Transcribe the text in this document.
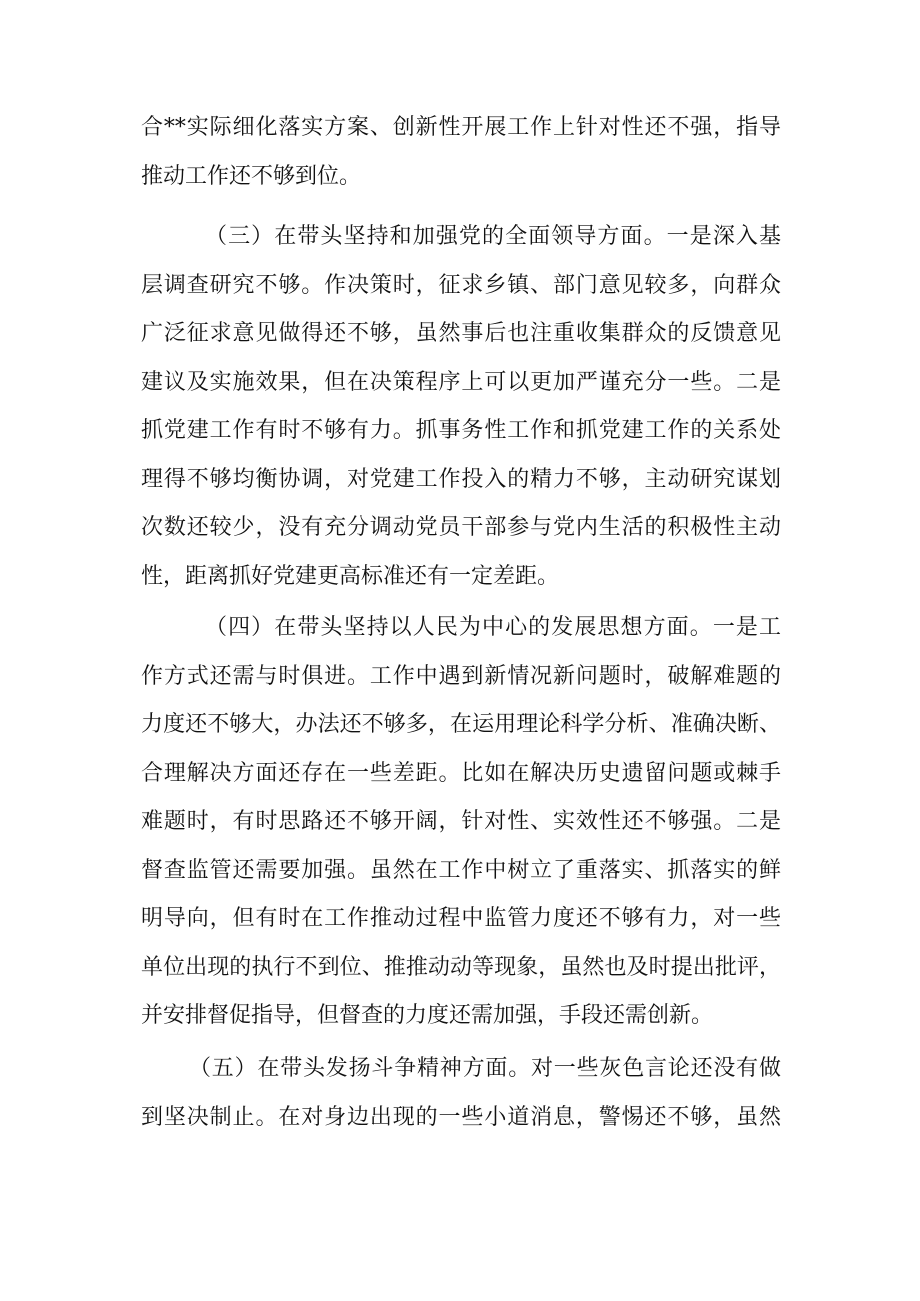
合**实际细化落实方案、创新性开展工作上针对性还不强，指导
推动工作还不够到位。
（三）在带头坚持和加强党的全面领导方面。一是深入基
层调查研究不够。作决策时，征求乡镇、部门意见较多，向群众
广泛征求意见做得还不够，虽然事后也注重收集群众的反馈意见
建议及实施效果，但在决策程序上可以更加严谨充分一些。二是
抓党建工作有时不够有力。抓事务性工作和抓党建工作的关系处
理得不够均衡协调，对党建工作投入的精力不够，主动研究谋划
次数还较少，没有充分调动党员干部参与党内生活的积极性主动
性，距离抓好党建更高标准还有一定差距。
（四）在带头坚持以人民为中心的发展思想方面。一是工
作方式还需与时俱进。工作中遇到新情况新问题时，破解难题的
力度还不够大，办法还不够多，在运用理论科学分析、准确决断、
合理解决方面还存在一些差距。比如在解决历史遗留问题或棘手
难题时，有时思路还不够开阔，针对性、实效性还不够强。二是
督查监管还需要加强。虽然在工作中树立了重落实、抓落实的鲜
明导向，但有时在工作推动过程中监管力度还不够有力，对一些
单位出现的执行不到位、推推动动等现象，虽然也及时提出批评，
并安排督促指导，但督查的力度还需加强，手段还需创新。
（五）在带头发扬斗争精神方面。对一些灰色言论还没有做
到坚决制止。在对身边出现的一些小道消息，警惕还不够，虽然
